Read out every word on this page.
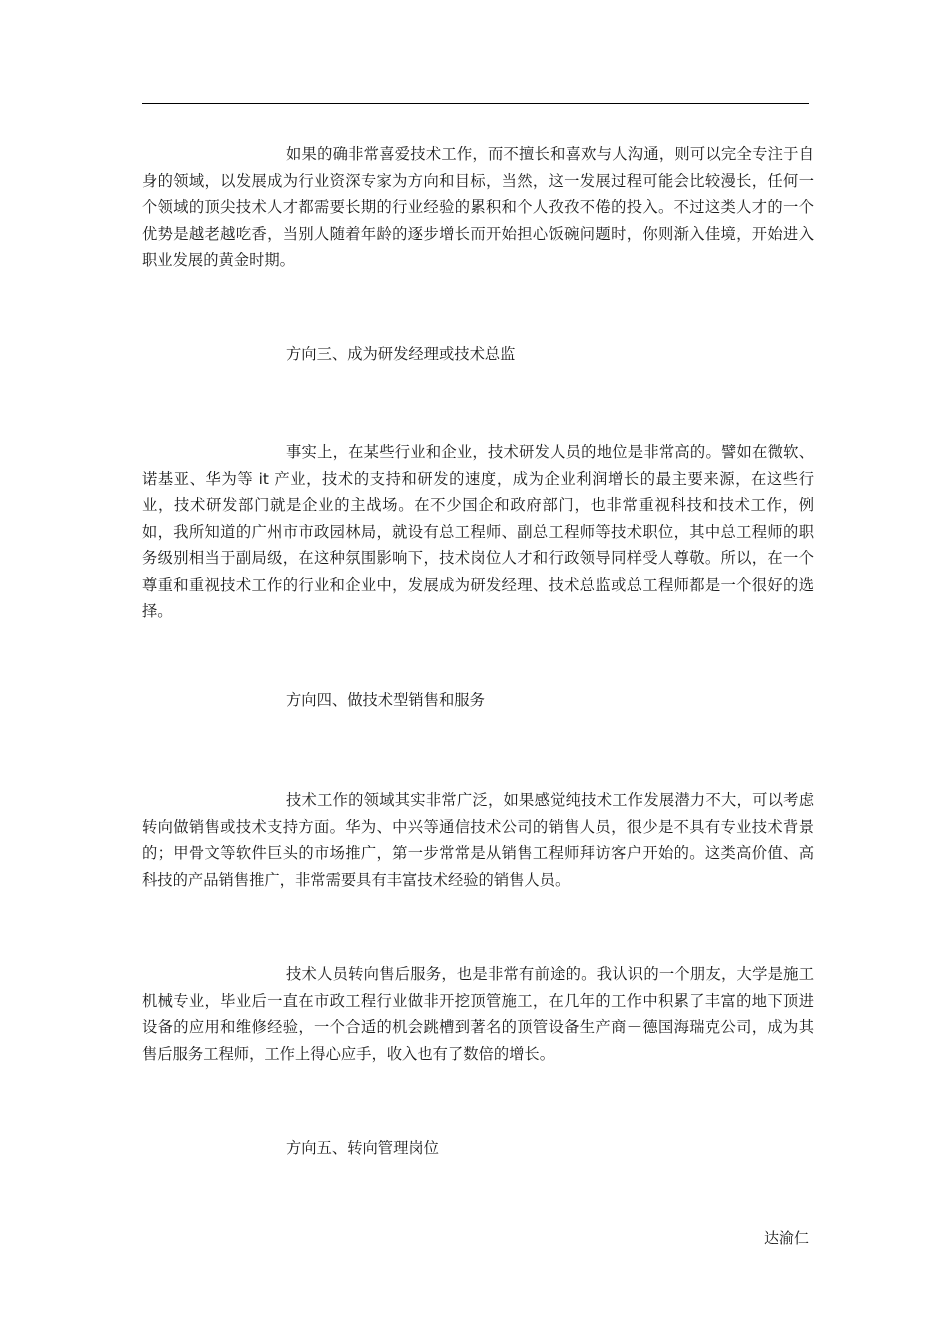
如果的确非常喜爱技术工作，而不擅长和喜欢与人沟通，则可以完全专注于自身的领域，以发展成为行业资深专家为方向和目标，当然，这一发展过程可能会比较漫长，任何一个领域的顶尖技术人才都需要长期的行业经验的累积和个人孜孜不倦的投入。不过这类人才的一个优势是越老越吃香，当别人随着年龄的逐步增长而开始担心饭碗问题时，你则渐入佳境，开始进入职业发展的黄金时期。

方向三、成为研发经理或技术总监

事实上，在某些行业和企业，技术研发人员的地位是非常高的。譬如在微软、诺基亚、华为等 it 产业，技术的支持和研发的速度，成为企业利润增长的最主要来源，在这些行业，技术研发部门就是企业的主战场。在不少国企和政府部门，也非常重视科技和技术工作，例如，我所知道的广州市市政园林局，就设有总工程师、副总工程师等技术职位，其中总工程师的职务级别相当于副局级，在这种氛围影响下，技术岗位人才和行政领导同样受人尊敬。所以，在一个尊重和重视技术工作的行业和企业中，发展成为研发经理、技术总监或总工程师都是一个很好的选择。

方向四、做技术型销售和服务

技术工作的领域其实非常广泛，如果感觉纯技术工作发展潜力不大，可以考虑转向做销售或技术支持方面。华为、中兴等通信技术公司的销售人员，很少是不具有专业技术背景的；甲骨文等软件巨头的市场推广，第一步常常是从销售工程师拜访客户开始的。这类高价值、高科技的产品销售推广，非常需要具有丰富技术经验的销售人员。

技术人员转向售后服务，也是非常有前途的。我认识的一个朋友，大学是施工机械专业，毕业后一直在市政工程行业做非开挖顶管施工，在几年的工作中积累了丰富的地下顶进设备的应用和维修经验，一个合适的机会跳槽到著名的顶管设备生产商－德国海瑞克公司，成为其售后服务工程师，工作上得心应手，收入也有了数倍的增长。

方向五、转向管理岗位

达渝仁
